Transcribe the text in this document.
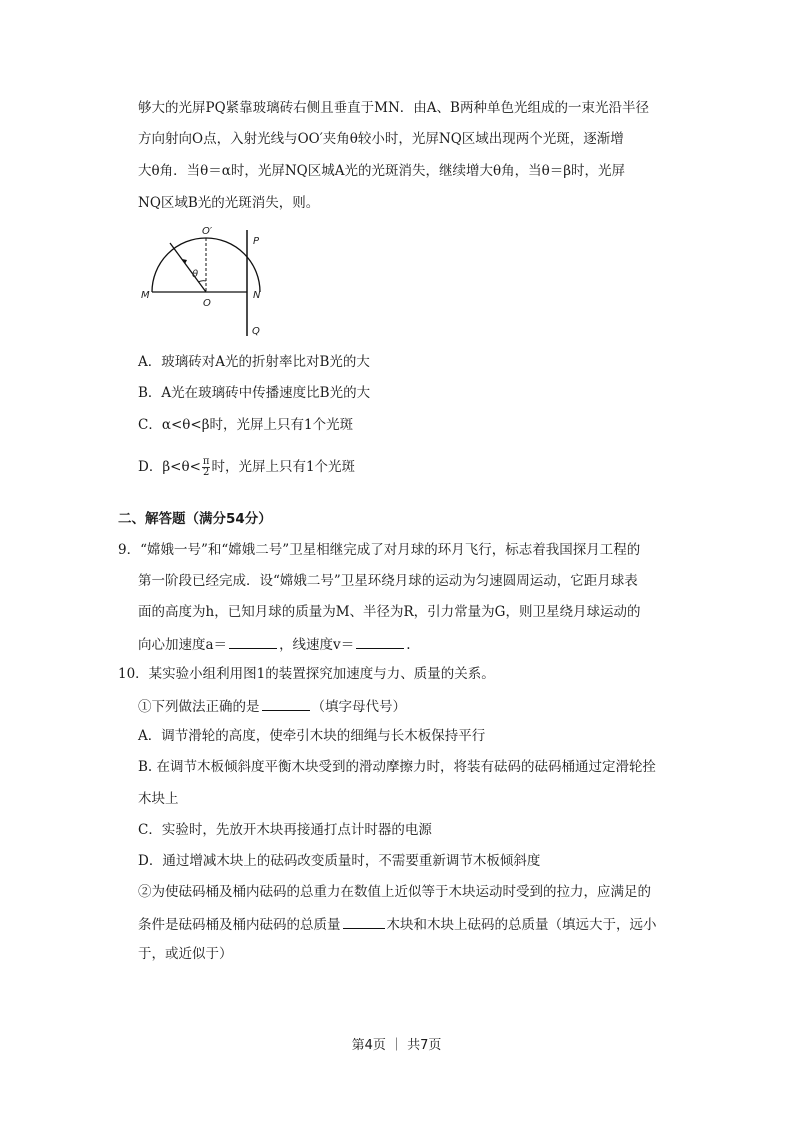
够大的光屏PQ紧靠玻璃砖右侧且垂直于MN．由A、B两种单色光组成的一束光沿半径
方向射向O点，入射光线与OO′夹角θ较小时，光屏NQ区域出现两个光斑，逐渐增
大θ角．当θ＝α时，光屏NQ区城A光的光斑消失，继续增大θ角，当θ＝β时，光屏
NQ区域B光的光斑消失，则。
O′
P
θ
M
O
N
Q
A．玻璃砖对A光的折射率比对B光的大
B．A光在玻璃砖中传播速度比B光的大
C．α<θ<β时，光屏上只有1个光斑
D．$\beta<\theta< \frac{\pi}{2}$ 时，光屏上只有1个光斑
二、解答题（满分54分）
9．“嫦娥一号”和“嫦娥二号”卫星相继完成了对月球的环月飞行，标志着我国探月工程的
第一阶段已经完成．设“嫦娥二号”卫星环绕月球的运动为匀速圆周运动，它距月球表
面的高度为h，已知月球的质量为M、半径为R，引力常量为G，则卫星绕月球运动的
向心加速度a＝	，线速度v＝	.
10．某实验小组利用图1的装置探究加速度与力、质量的关系。
①下列做法正确的是	（填字母代号）
A．调节滑轮的高度，使牵引木块的细绳与长木板保持平行
B. 在调节木板倾斜度平衡木块受到的滑动摩擦力时，将装有砝码的砝码桶通过定滑轮拴
木块上
C．实验时，先放开木块再接通打点计时器的电源
D．通过增减木块上的砝码改变质量时，不需要重新调节木板倾斜度
②为使砝码桶及桶内砝码的总重力在数值上近似等于木块运动时受到的拉力，应满足的
条件是砝码桶及桶内砝码的总质量	木块和木块上砝码的总质量（填远大于，远小
于，或近似于）
第4页 ｜ 共7页
